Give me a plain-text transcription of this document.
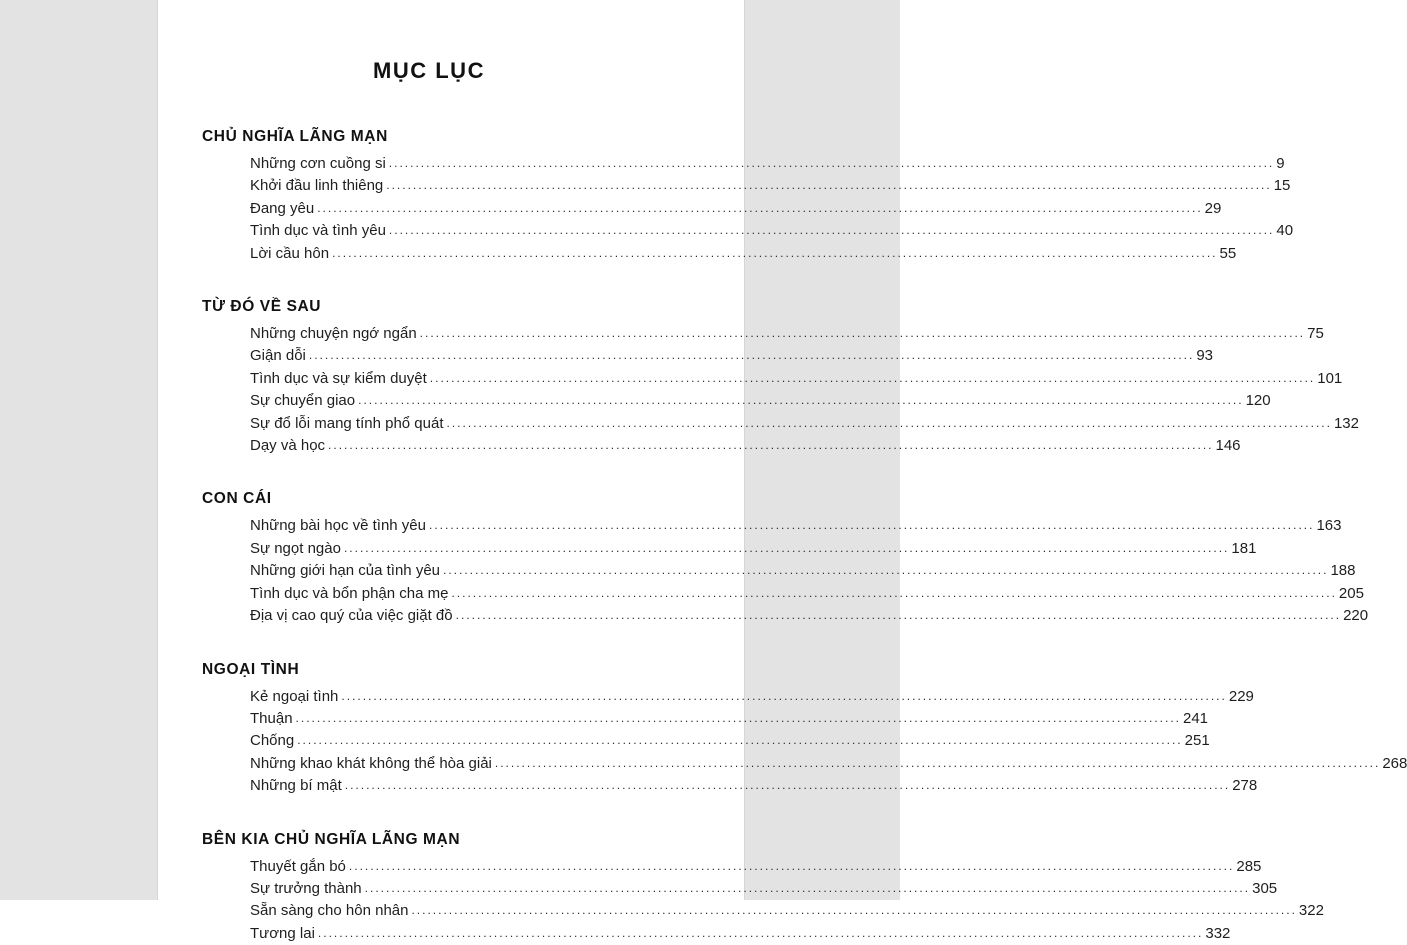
MỤC LỤC
CHỦ NGHĨA LÃNG MẠN
Những cơn cuồng si .....	9
Khởi đầu linh thiêng .....	15
Đang yêu .....	29
Tình dục và tình yêu .....	40
Lời cầu hôn .....	55
TỪ ĐÓ VỀ SAU
Những chuyện ngớ ngẩn .....	75
Giận dỗi .....	93
Tình dục và sự kiểm duyệt .....	101
Sự chuyển giao .....	120
Sự đổ lỗi mang tính phổ quát .....	132
Dạy và học .....	146
CON CÁI
Những bài học về tình yêu .....	163
Sự ngọt ngào .....	181
Những giới hạn của tình yêu .....	188
Tình dục và bổn phận cha mẹ .....	205
Địa vị cao quý của việc giặt đồ .....	220
NGOẠI TÌNH
Kẻ ngoại tình .....	229
Thuận .....	241
Chống .....	251
Những khao khát không thể hòa giải .....	268
Những bí mật .....	278
BÊN KIA CHỦ NGHĨA LÃNG MẠN
Thuyết gắn bó .....	285
Sự trưởng thành .....	305
Sẵn sàng cho hôn nhân .....	322
Tương lai .....	332
